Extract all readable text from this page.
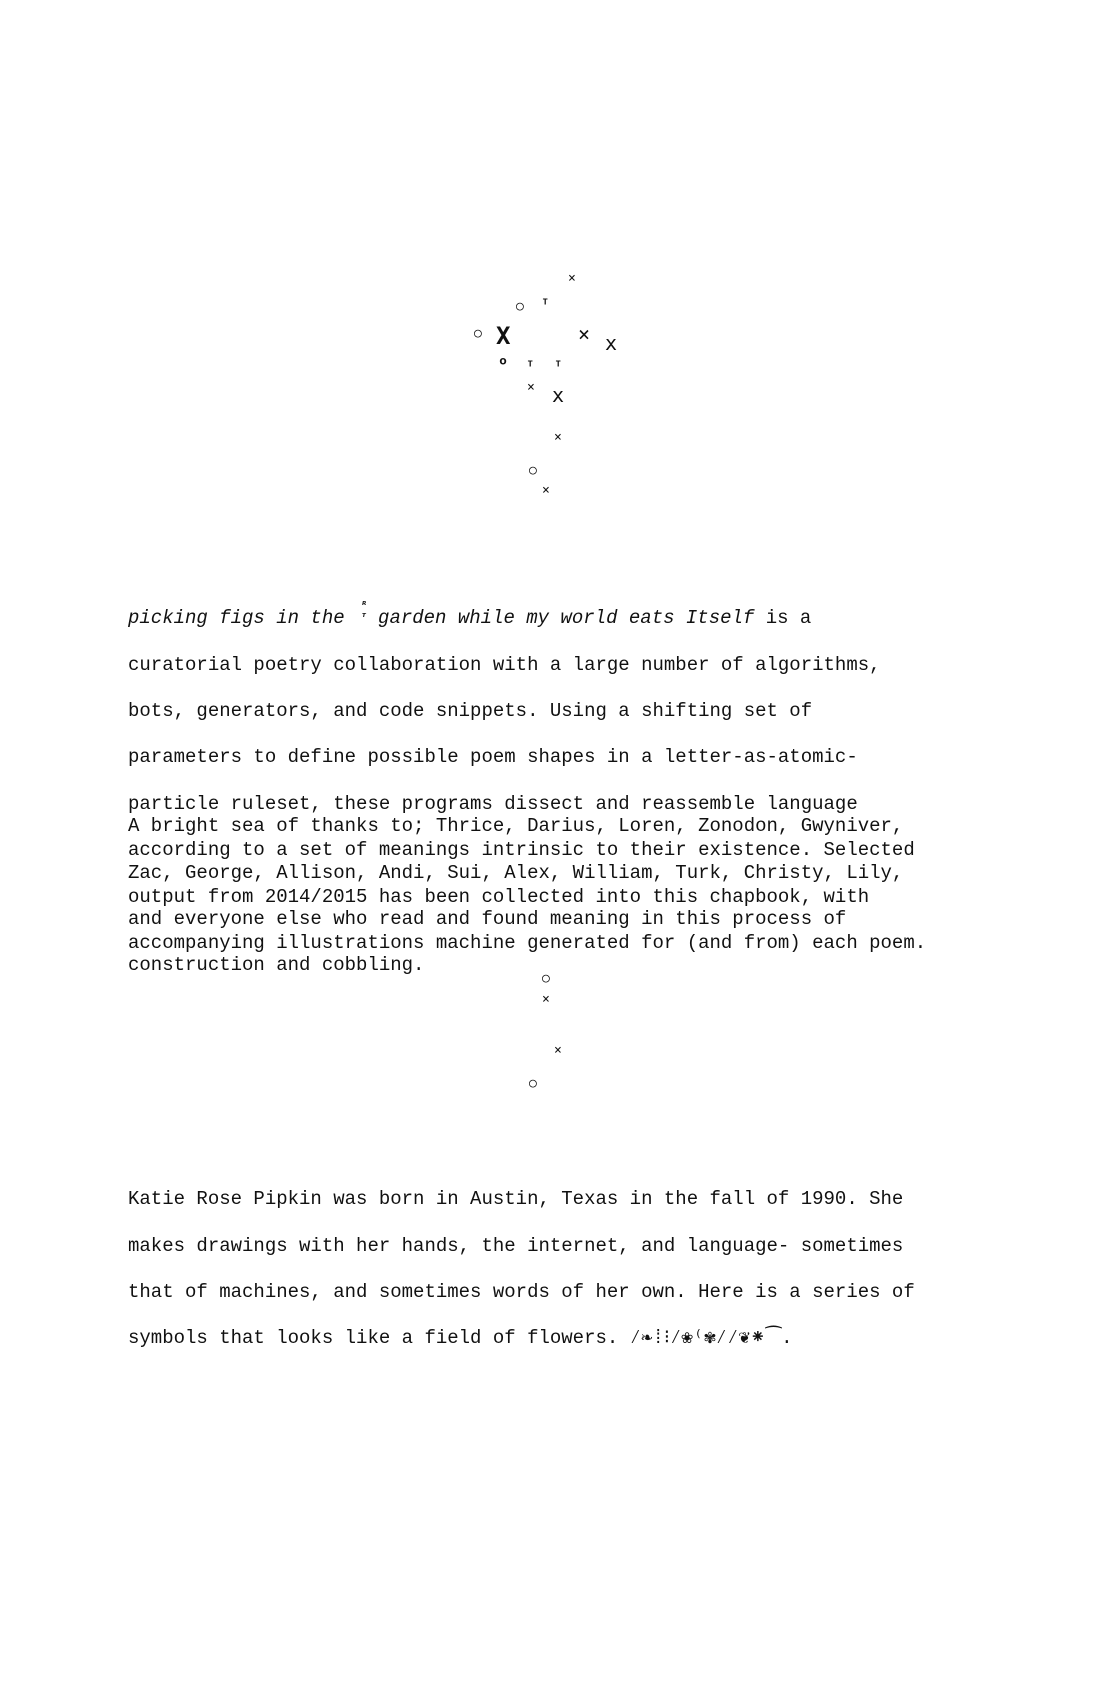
×
○ ᵀ
○ X	× x
ᵒ ᵀ ᵀ
× x
×
○
×

picking figs in the
ᴿ
ᵀ garden while my world eats Itself is a

curatorial poetry collaboration with a large number of algorithms,

bots, generators, and code snippets. Using a shifting set of

parameters to define possible poem shapes in a letter-as-atomic-

particle ruleset, these programs dissect and reassemble language

according to a set of meanings intrinsic to their existence. Selected

output from 2014/2015 has been collected into this chapbook, with

accompanying illustrations machine generated for (and from) each poem.

A bright sea of thanks to; Thrice, Darius, Loren, Zonodon, Gwyniver,

Zac, George, Allison, Andi, Sui, Alex, William, Turk, Christy, Lily,

and everyone else who read and found meaning in this process of

construction and cobbling.

○
×
×
○

Katie Rose Pipkin was born in Austin, Texas in the fall of 1990. She

makes drawings with her hands, the internet, and language- sometimes

that of machines, and sometimes words of her own. Here is a series of

symbols that looks like a field of flowers. ⁄❧⁞⁝⁄❀⁽✾⁄⁄❦⁕⁀.
